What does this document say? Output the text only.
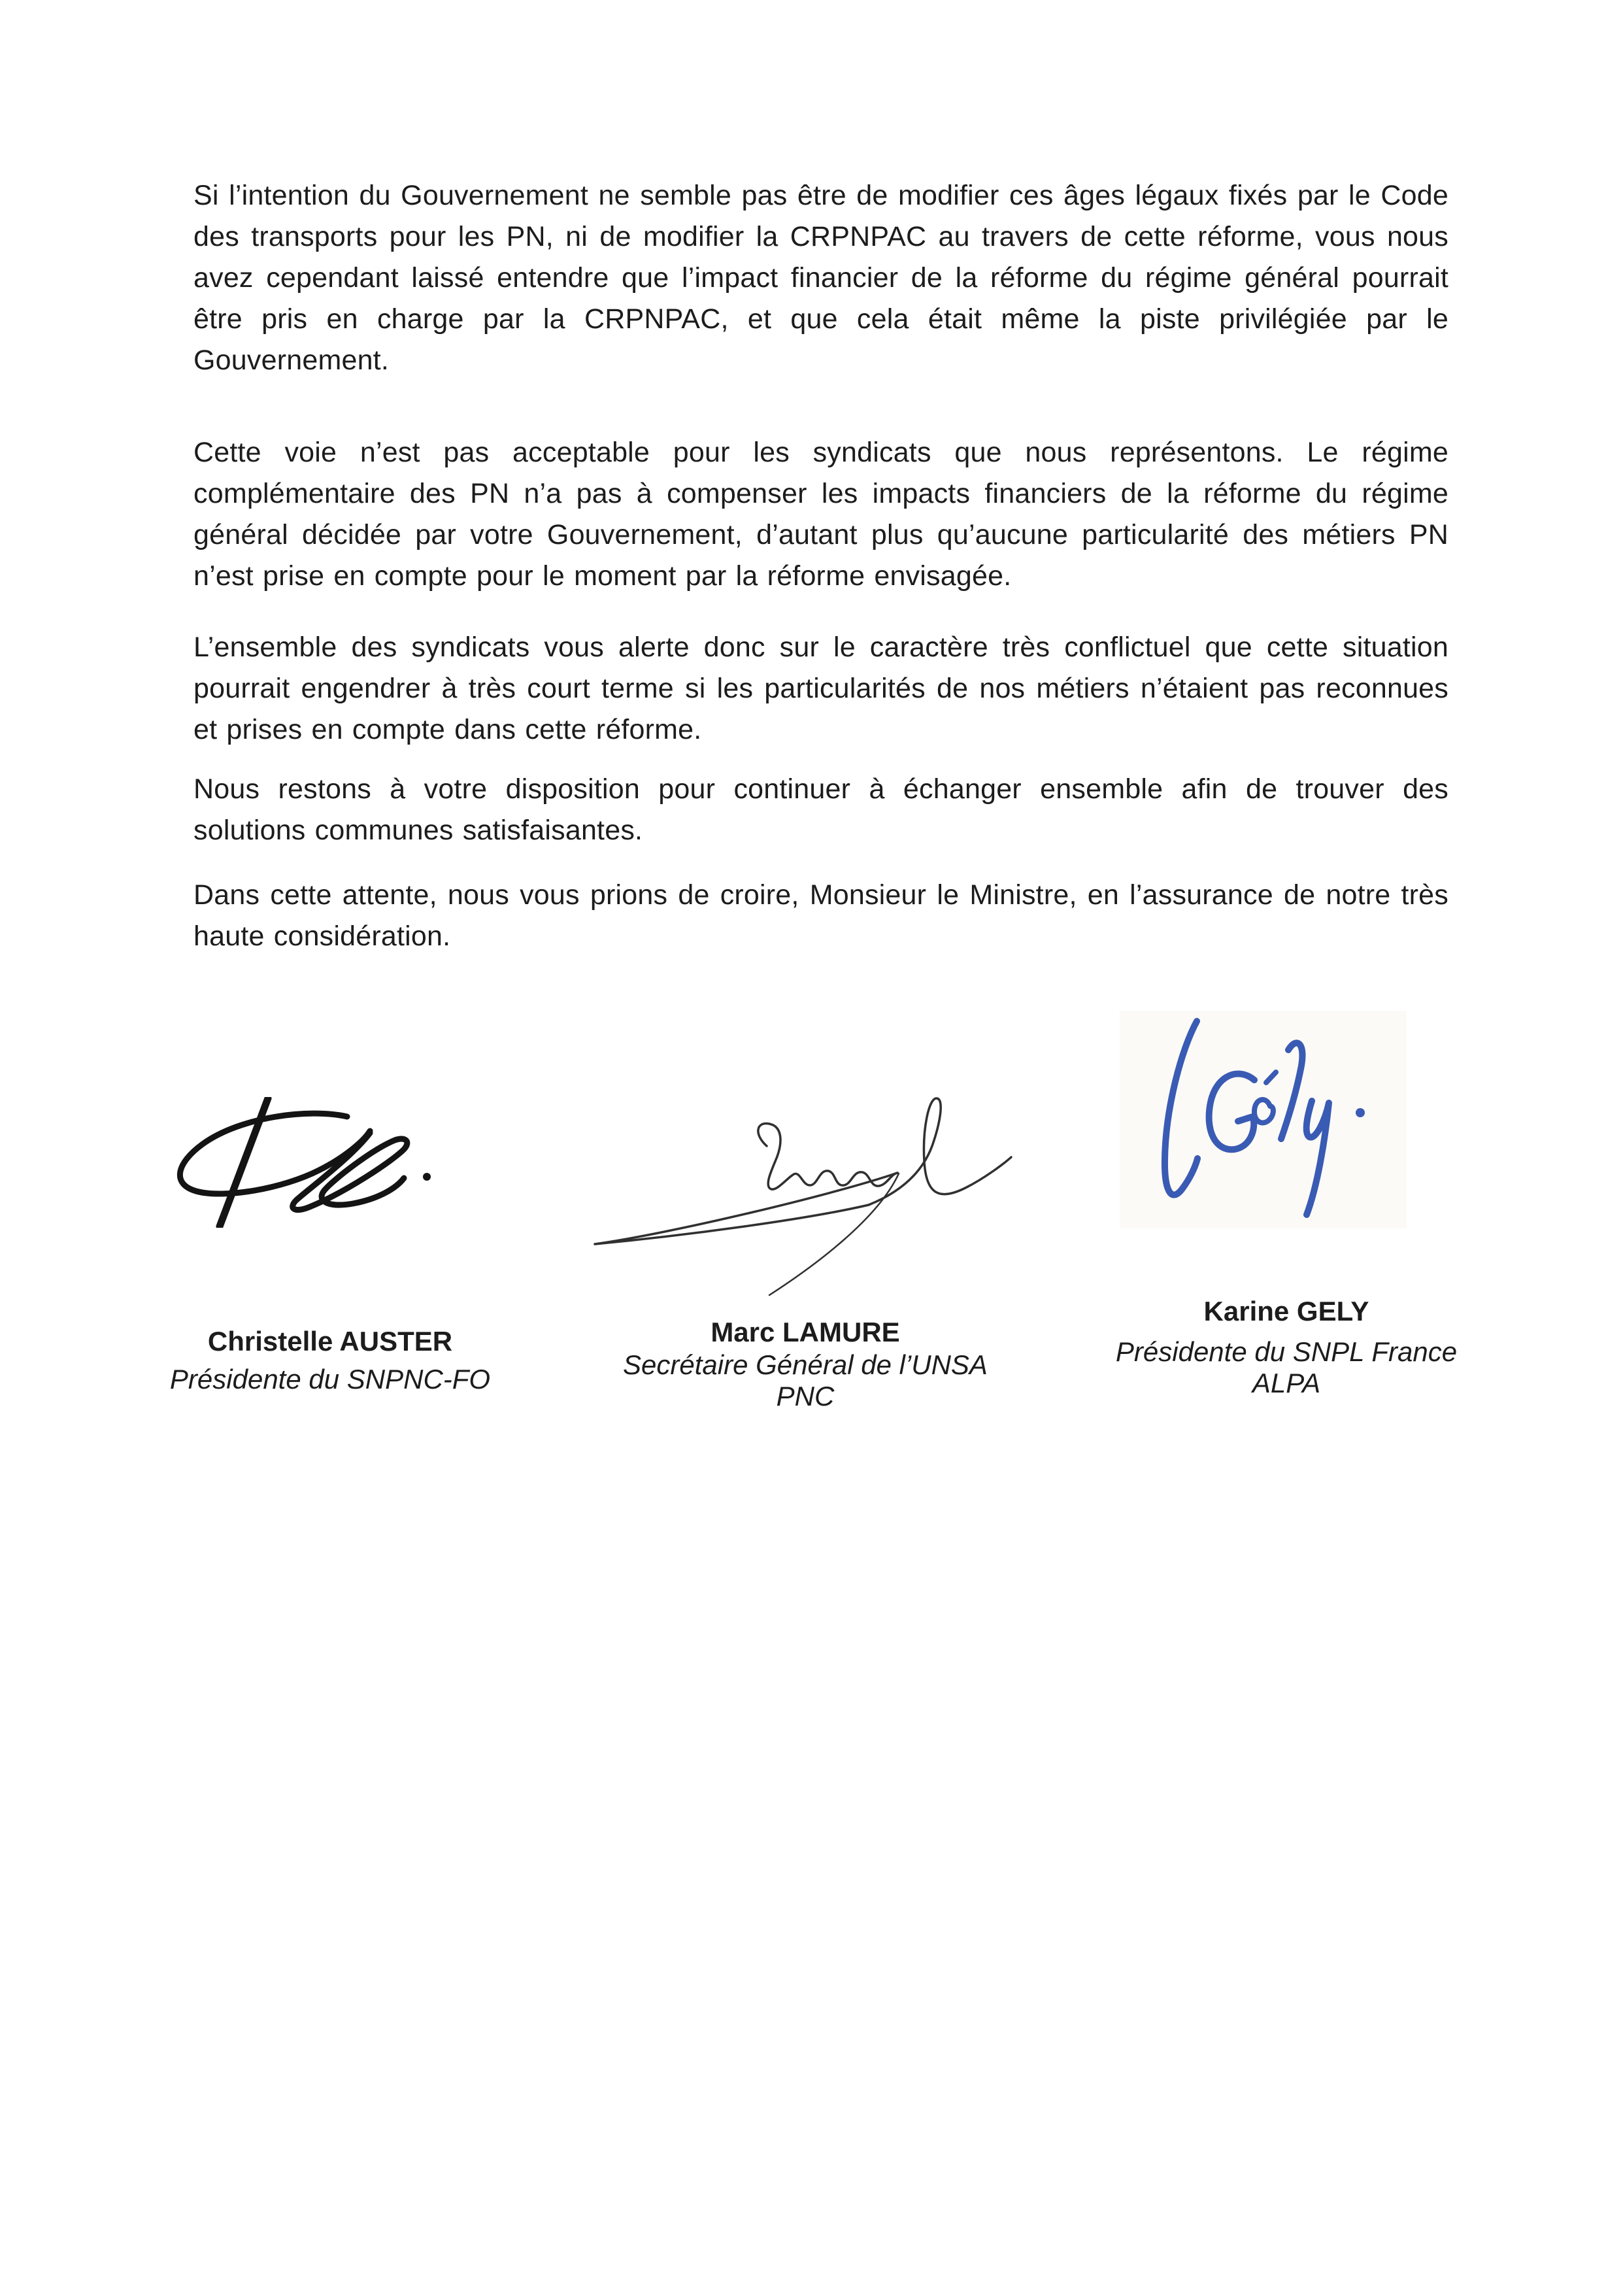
Si l’intention du Gouvernement ne semble pas être de modifier ces âges légaux fixés par le Code des transports pour les PN, ni de modifier la CRPNPAC au travers de cette réforme, vous nous avez cependant laissé entendre que l’impact financier de la réforme du régime général pourrait être pris en charge par la CRPNPAC, et que cela était même la piste privilégiée par le Gouvernement.

Cette voie n’est pas acceptable pour les syndicats que nous représentons. Le régime complémentaire des PN n’a pas à compenser les impacts financiers de la réforme du régime général décidée par votre Gouvernement, d’autant plus qu’aucune particularité des métiers PN n’est prise en compte pour le moment par la réforme envisagée.

L’ensemble des syndicats vous alerte donc sur le caractère très conflictuel que cette situation pourrait engendrer à très court terme si les particularités de nos métiers n’étaient pas reconnues et prises en compte dans cette réforme.

Nous restons à votre disposition pour continuer à échanger ensemble afin de trouver des solutions communes satisfaisantes.

Dans cette attente, nous vous prions de croire, Monsieur le Ministre, en l’assurance de notre très haute considération.

Christelle AUSTER
Présidente du SNPNC-FO
Marc LAMURE
Secrétaire Général de l’UNSA PNC
Karine GELY
Présidente du SNPL France ALPA
